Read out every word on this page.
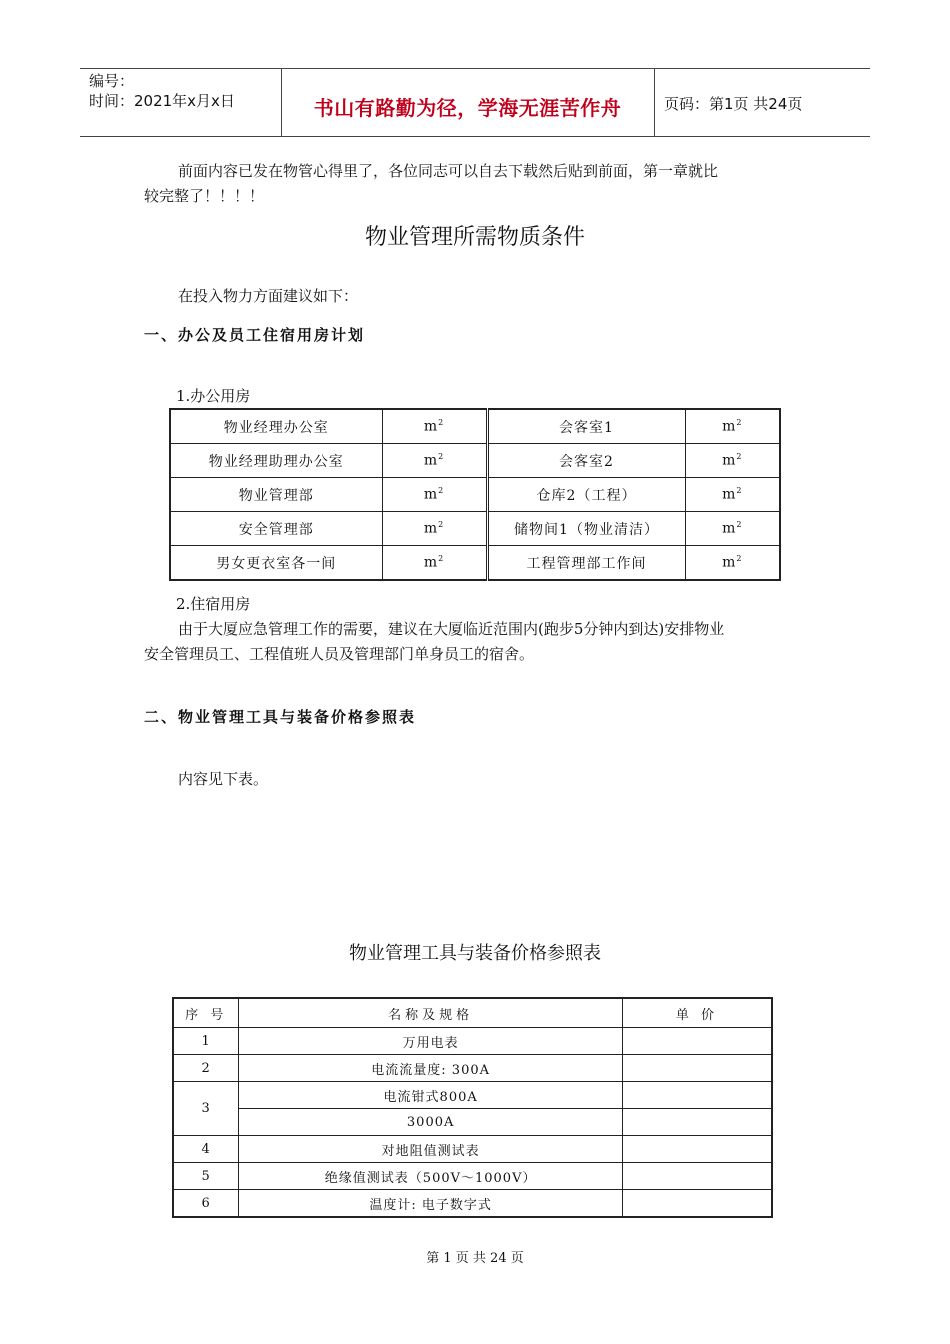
编号：
时间：2021年x月x日	书山有路勤为径，学海无涯苦作舟	页码：第1页 共24页
前面内容已发在物管心得里了，各位同志可以自去下载然后贴到前面，第一章就比
较完整了！！！！
物业管理所需物质条件
在投入物力方面建议如下：
一、办公及员工住宿用房计划
1.办公用房
物业经理办公室	$m^2$	会客室1	$m^2$
物业经理助理办公室	$m^2$	会客室2	$m^2$
物业管理部	$m^2$	仓库2（工程）	$m^2$
安全管理部	$m^2$	储物间1（物业清洁）	$m^2$
男女更衣室各一间	$m^2$	工程管理部工作间	$m^2$
2.住宿用房
由于大厦应急管理工作的需要，建议在大厦临近范围内(跑步5分钟内到达)安排物业
安全管理员工、工程值班人员及管理部门单身员工的宿舍。
二、物业管理工具与装备价格参照表
内容见下表。
物业管理工具与装备价格参照表
序 号	名称及规格	单 价
1	万用电表	
2	电流流量度: 300A	
3	电流钳式800A	
	3000A	
4	对地阻值测试表	
5	绝缘值测试表（500V～1000V）	
6	温度计: 电子数字式	
第 1 页 共 24 页
